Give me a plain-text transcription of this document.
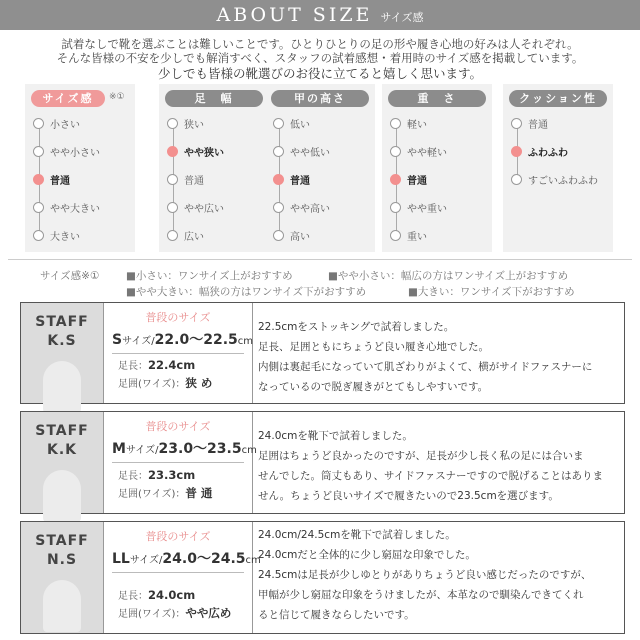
ABOUT SIZE サイズ感
試着なしで靴を選ぶことは難しいことです。ひとりひとりの足の形や履き心地の好みは人それぞれ。
そんな皆様の不安を少しでも解消すべく、スタッフの試着感想・着用時のサイズ感を掲載しています。
少しでも皆様の靴選びのお役に立てると嬉しく思います。
サイズ感	※①
小さい
やや小さい
普通
やや大きい
大きい
足　幅
狭い
やや狭い
普通
やや広い
広い
甲の高さ
低い
やや低い
普通
やや高い
高い
重　さ
軽い
やや軽い
普通
やや重い
重い
クッション性
普通
ふわふわ
すごいふわふわ
サイズ感※①	■小さい：ワンサイズ上がおすすめ	■やや小さい：幅広の方はワンサイズ上がおすすめ
■やや大きい：幅狭の方はワンサイズ下がおすすめ	■大きい：ワンサイズ下がおすすめ
STAFF
K.S
普段のサイズ
Sサイズ/22.0〜22.5cm
足長：22.4cm
足囲(ワイズ)：狭 め
22.5cmをストッキングで試着しました。
足長、足囲ともにちょうど良い履き心地でした。
内側は裏起毛になっていて肌ざわりがよくて、横がサイドファスナーに
なっているので脱ぎ履きがとてもしやすいです。
STAFF
K.K
普段のサイズ
Mサイズ/23.0〜23.5cm
足長：23.3cm
足囲(ワイズ)：普 通
24.0cmを靴下で試着しました。
足囲はちょうど良かったのですが、足長が少し長く私の足には合いま
せんでした。筒丈もあり、サイドファスナーですので脱げることはありま
せん。ちょうど良いサイズで履きたいので23.5cmを選びます。
STAFF
N.S
普段のサイズ
LLサイズ/24.0〜24.5cm
足長：24.0cm
足囲(ワイズ)：やや広め
24.0cm/24.5cmを靴下で試着しました。
24.0cmだと全体的に少し窮屈な印象でした。
24.5cmは足長が少しゆとりがありちょうど良い感じだったのですが、
甲幅が少し窮屈な印象をうけましたが、本革なので馴染んできてくれ
ると信じて履きならしたいです。
